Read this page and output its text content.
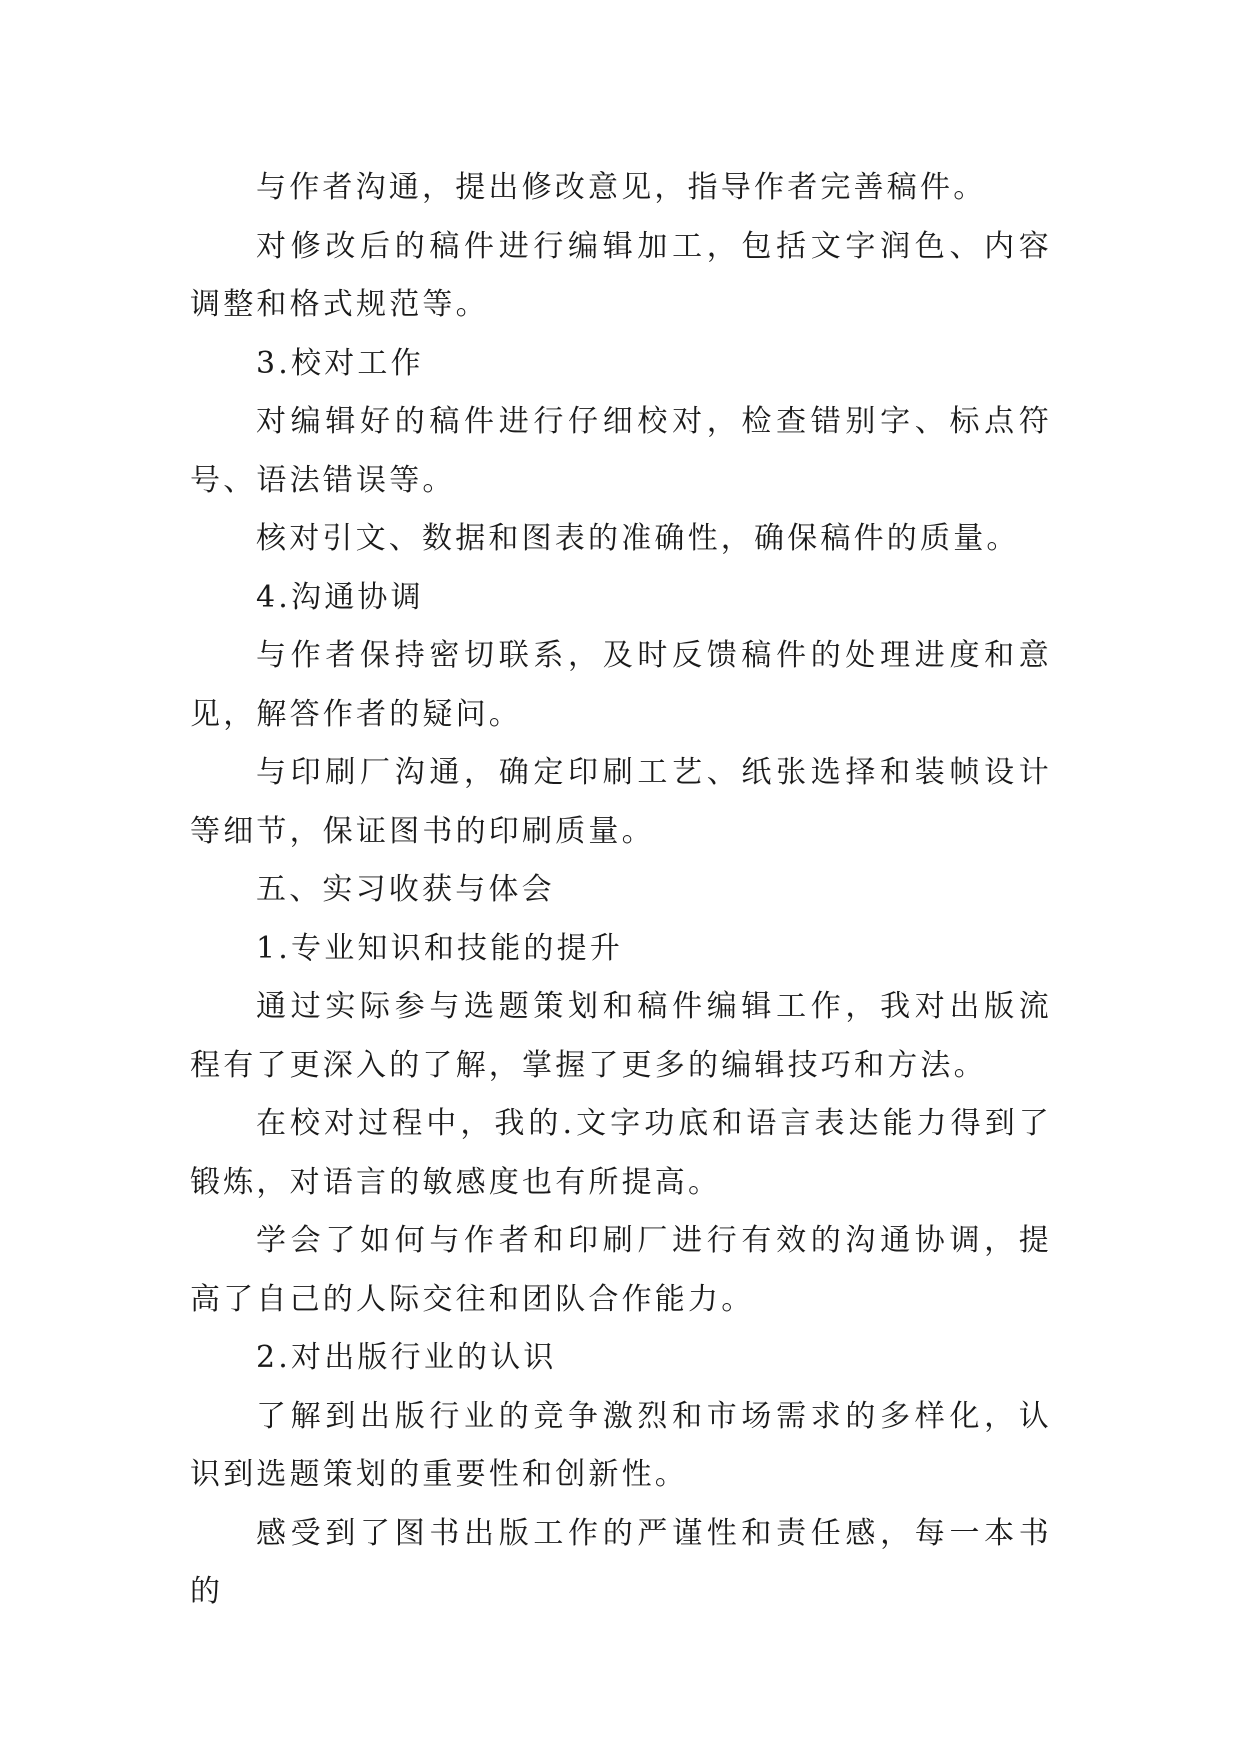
与作者沟通，提出修改意见，指导作者完善稿件。

对修改后的稿件进行编辑加工，包括文字润色、内容调整和格式规范等。

3.校对工作

对编辑好的稿件进行仔细校对，检查错别字、标点符号、语法错误等。

核对引文、数据和图表的准确性，确保稿件的质量。

4.沟通协调

与作者保持密切联系，及时反馈稿件的处理进度和意见，解答作者的疑问。

与印刷厂沟通，确定印刷工艺、纸张选择和装帧设计等细节，保证图书的印刷质量。

五、实习收获与体会

1.专业知识和技能的提升

通过实际参与选题策划和稿件编辑工作，我对出版流程有了更深入的了解，掌握了更多的编辑技巧和方法。

在校对过程中，我的.文字功底和语言表达能力得到了锻炼，对语言的敏感度也有所提高。

学会了如何与作者和印刷厂进行有效的沟通协调，提高了自己的人际交往和团队合作能力。

2.对出版行业的认识

了解到出版行业的竞争激烈和市场需求的多样化，认识到选题策划的重要性和创新性。

感受到了图书出版工作的严谨性和责任感，每一本书的
